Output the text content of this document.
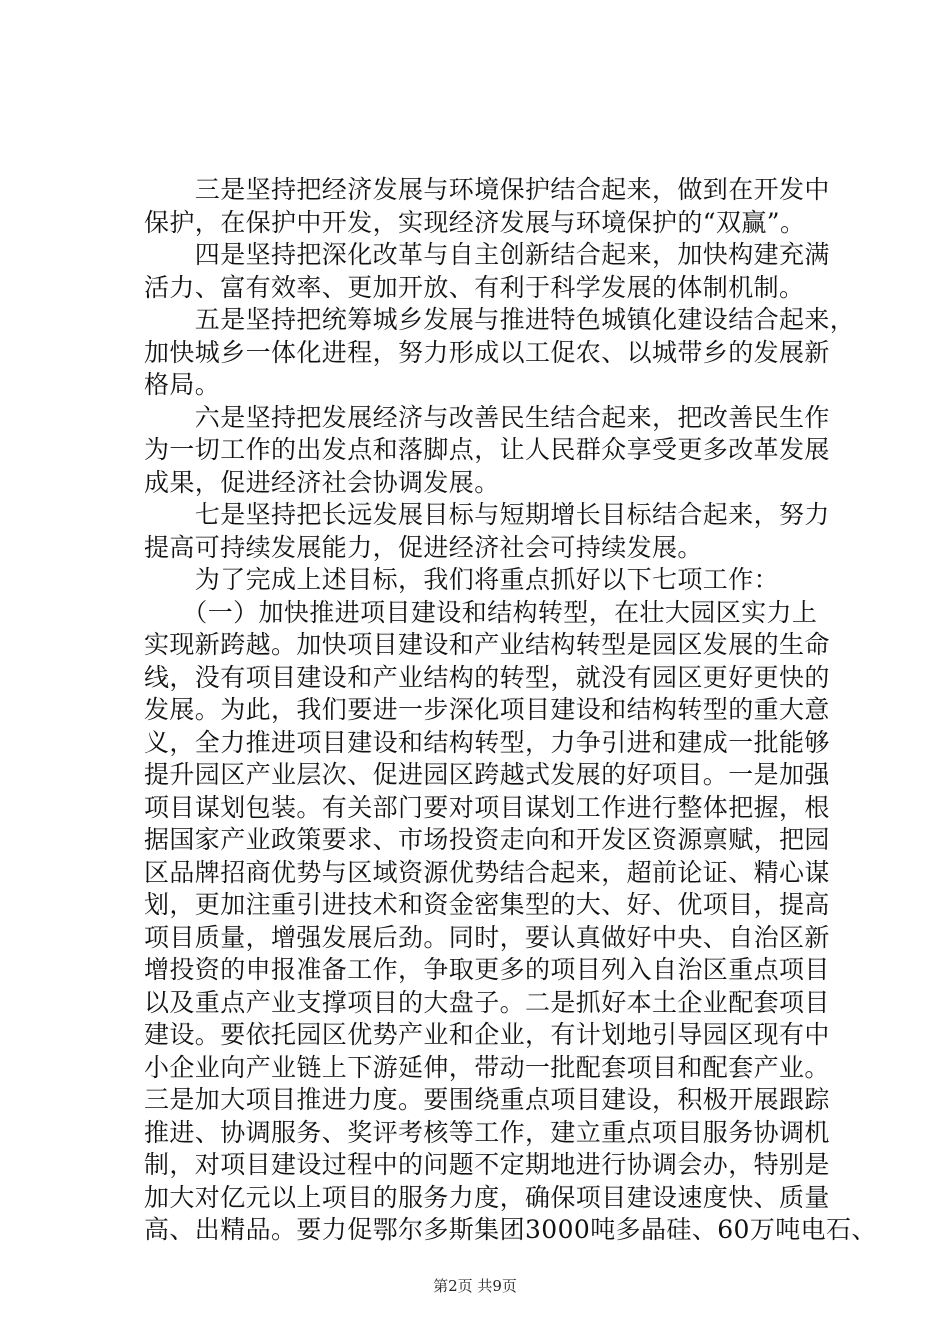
　　三是坚持把经济发展与环境保护结合起来，做到在开发中
保护，在保护中开发，实现经济发展与环境保护的“双赢”。
　　四是坚持把深化改革与自主创新结合起来，加快构建充满
活力、富有效率、更加开放、有利于科学发展的体制机制。
　　五是坚持把统筹城乡发展与推进特色城镇化建设结合起来，
加快城乡一体化进程，努力形成以工促农、以城带乡的发展新
格局。
　　六是坚持把发展经济与改善民生结合起来，把改善民生作
为一切工作的出发点和落脚点，让人民群众享受更多改革发展
成果，促进经济社会协调发展。
　　七是坚持把长远发展目标与短期增长目标结合起来，努力
提高可持续发展能力，促进经济社会可持续发展。
　　为了完成上述目标，我们将重点抓好以下七项工作：
　　（一）加快推进项目建设和结构转型，在壮大园区实力上
实现新跨越。加快项目建设和产业结构转型是园区发展的生命
线，没有项目建设和产业结构的转型，就没有园区更好更快的
发展。为此，我们要进一步深化项目建设和结构转型的重大意
义，全力推进项目建设和结构转型，力争引进和建成一批能够
提升园区产业层次、促进园区跨越式发展的好项目。一是加强
项目谋划包装。有关部门要对项目谋划工作进行整体把握，根
据国家产业政策要求、市场投资走向和开发区资源禀赋，把园
区品牌招商优势与区域资源优势结合起来，超前论证、精心谋
划，更加注重引进技术和资金密集型的大、好、优项目，提高
项目质量，增强发展后劲。同时，要认真做好中央、自治区新
增投资的申报准备工作，争取更多的项目列入自治区重点项目
以及重点产业支撑项目的大盘子。二是抓好本土企业配套项目
建设。要依托园区优势产业和企业，有计划地引导园区现有中
小企业向产业链上下游延伸，带动一批配套项目和配套产业。
三是加大项目推进力度。要围绕重点项目建设，积极开展跟踪
推进、协调服务、奖评考核等工作，建立重点项目服务协调机
制，对项目建设过程中的问题不定期地进行协调会办，特别是
加大对亿元以上项目的服务力度，确保项目建设速度快、质量
高、出精品。要力促鄂尔多斯集团3000吨多晶硅、60万吨电石、
第2页 共9页
